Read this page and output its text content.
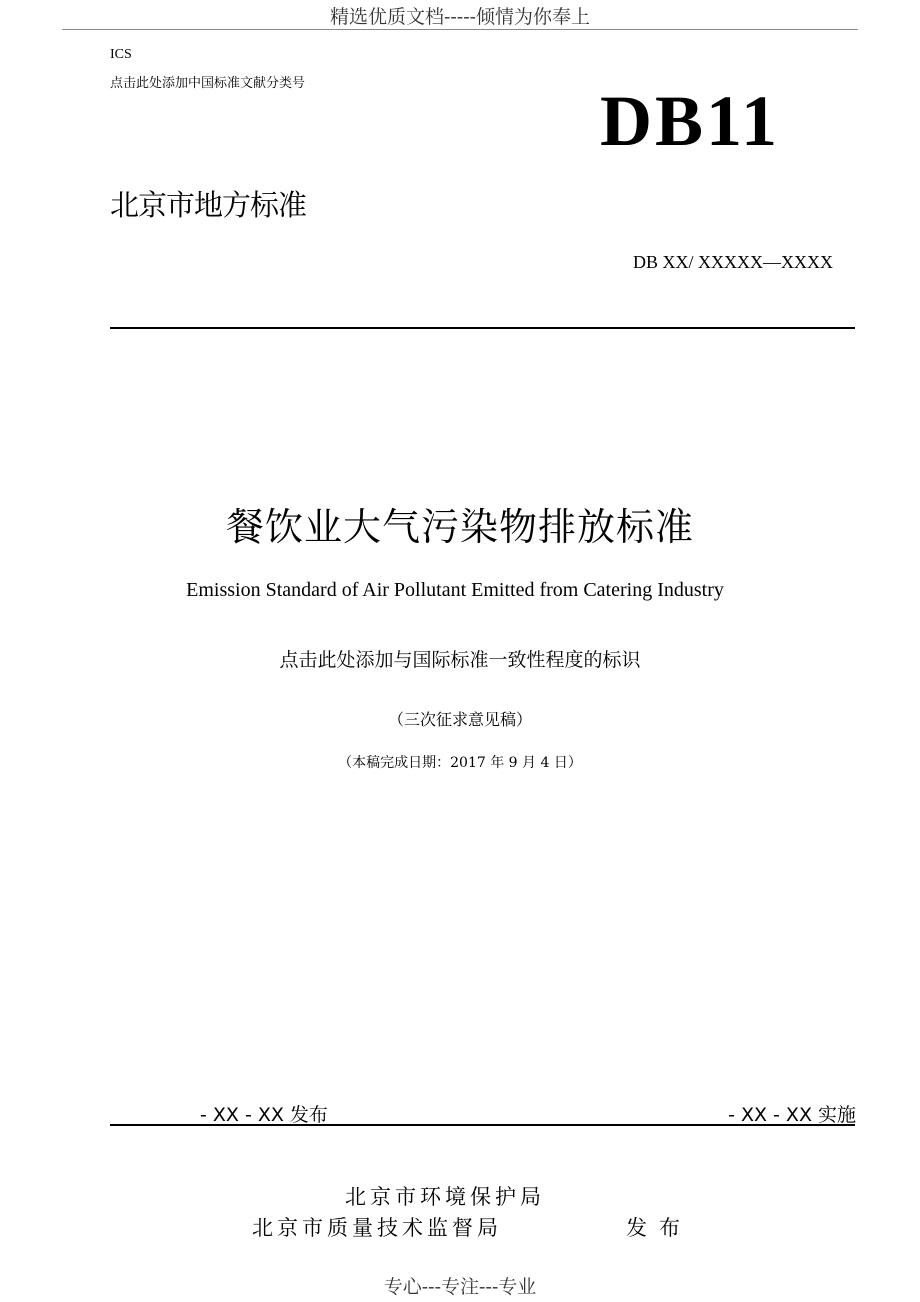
精选优质文档-----倾情为你奉上
ICS
点击此处添加中国标准文献分类号	DB11
北京市地方标准
DB XX/ XXXXX—XXXX
餐饮业大气污染物排放标准
Emission Standard of Air Pollutant Emitted from Catering Industry
点击此处添加与国际标准一致性程度的标识
（三次征求意见稿）
（本稿完成日期：2017 年 9 月 4 日）
- XX - XX 发布	- XX - XX 实施
北京市环境保护局
北京市质量技术监督局	发布
专心---专注---专业
